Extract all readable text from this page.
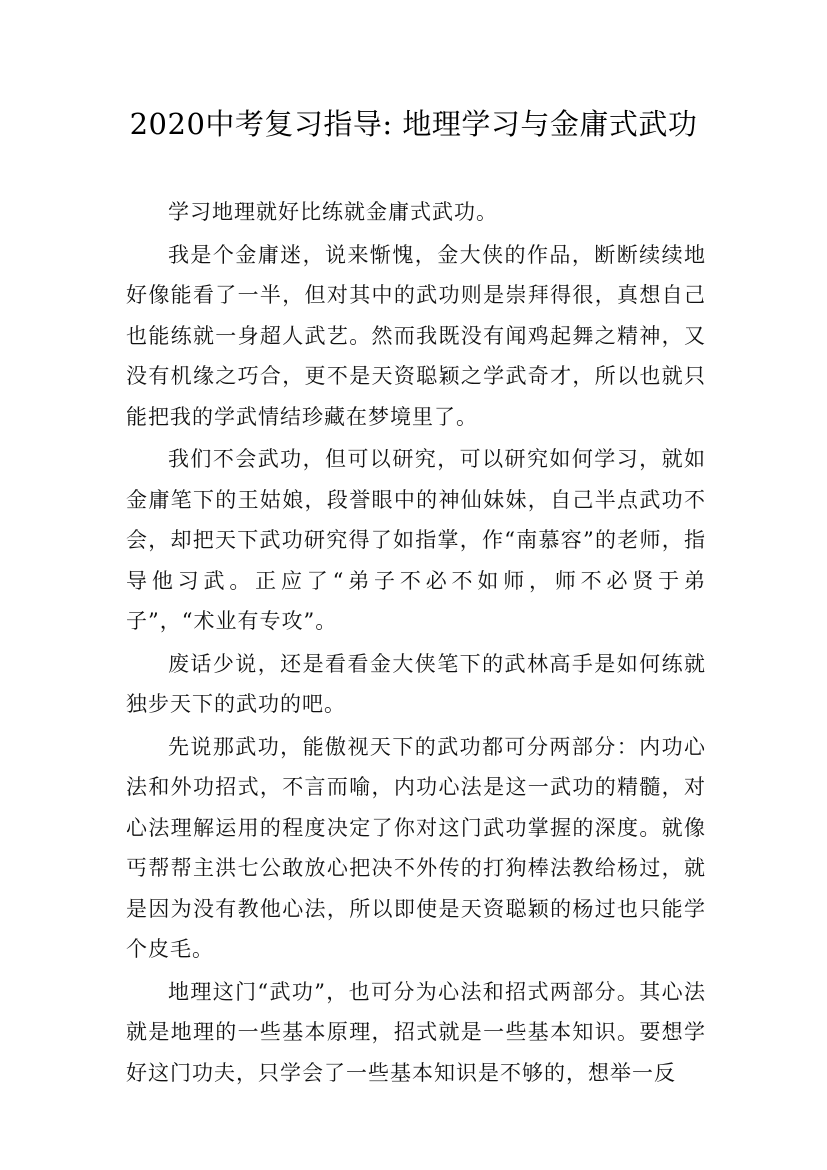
2020中考复习指导: 地理学习与金庸式武功

学习地理就好比练就金庸式武功。

我是个金庸迷，说来惭愧，金大侠的作品，断断续续地好像能看了一半，但对其中的武功则是崇拜得很，真想自己也能练就一身超人武艺。然而我既没有闻鸡起舞之精神，又没有机缘之巧合，更不是天资聪颖之学武奇才，所以也就只能把我的学武情结珍藏在梦境里了。

我们不会武功，但可以研究，可以研究如何学习，就如金庸笔下的王姑娘，段誉眼中的神仙妹妹，自己半点武功不会，却把天下武功研究得了如指掌，作“南慕容”的老师，指导他习武。正应了“弟子不必不如师，师不必贤于弟子”，“术业有专攻”。

废话少说，还是看看金大侠笔下的武林高手是如何练就独步天下的武功的吧。

先说那武功，能傲视天下的武功都可分两部分：内功心法和外功招式，不言而喻，内功心法是这一武功的精髓，对心法理解运用的程度决定了你对这门武功掌握的深度。就像丐帮帮主洪七公敢放心把决不外传的打狗棒法教给杨过，就是因为没有教他心法，所以即使是天资聪颖的杨过也只能学个皮毛。

地理这门“武功”，也可分为心法和招式两部分。其心法就是地理的一些基本原理，招式就是一些基本知识。要想学好这门功夫，只学会了一些基本知识是不够的，想举一反
